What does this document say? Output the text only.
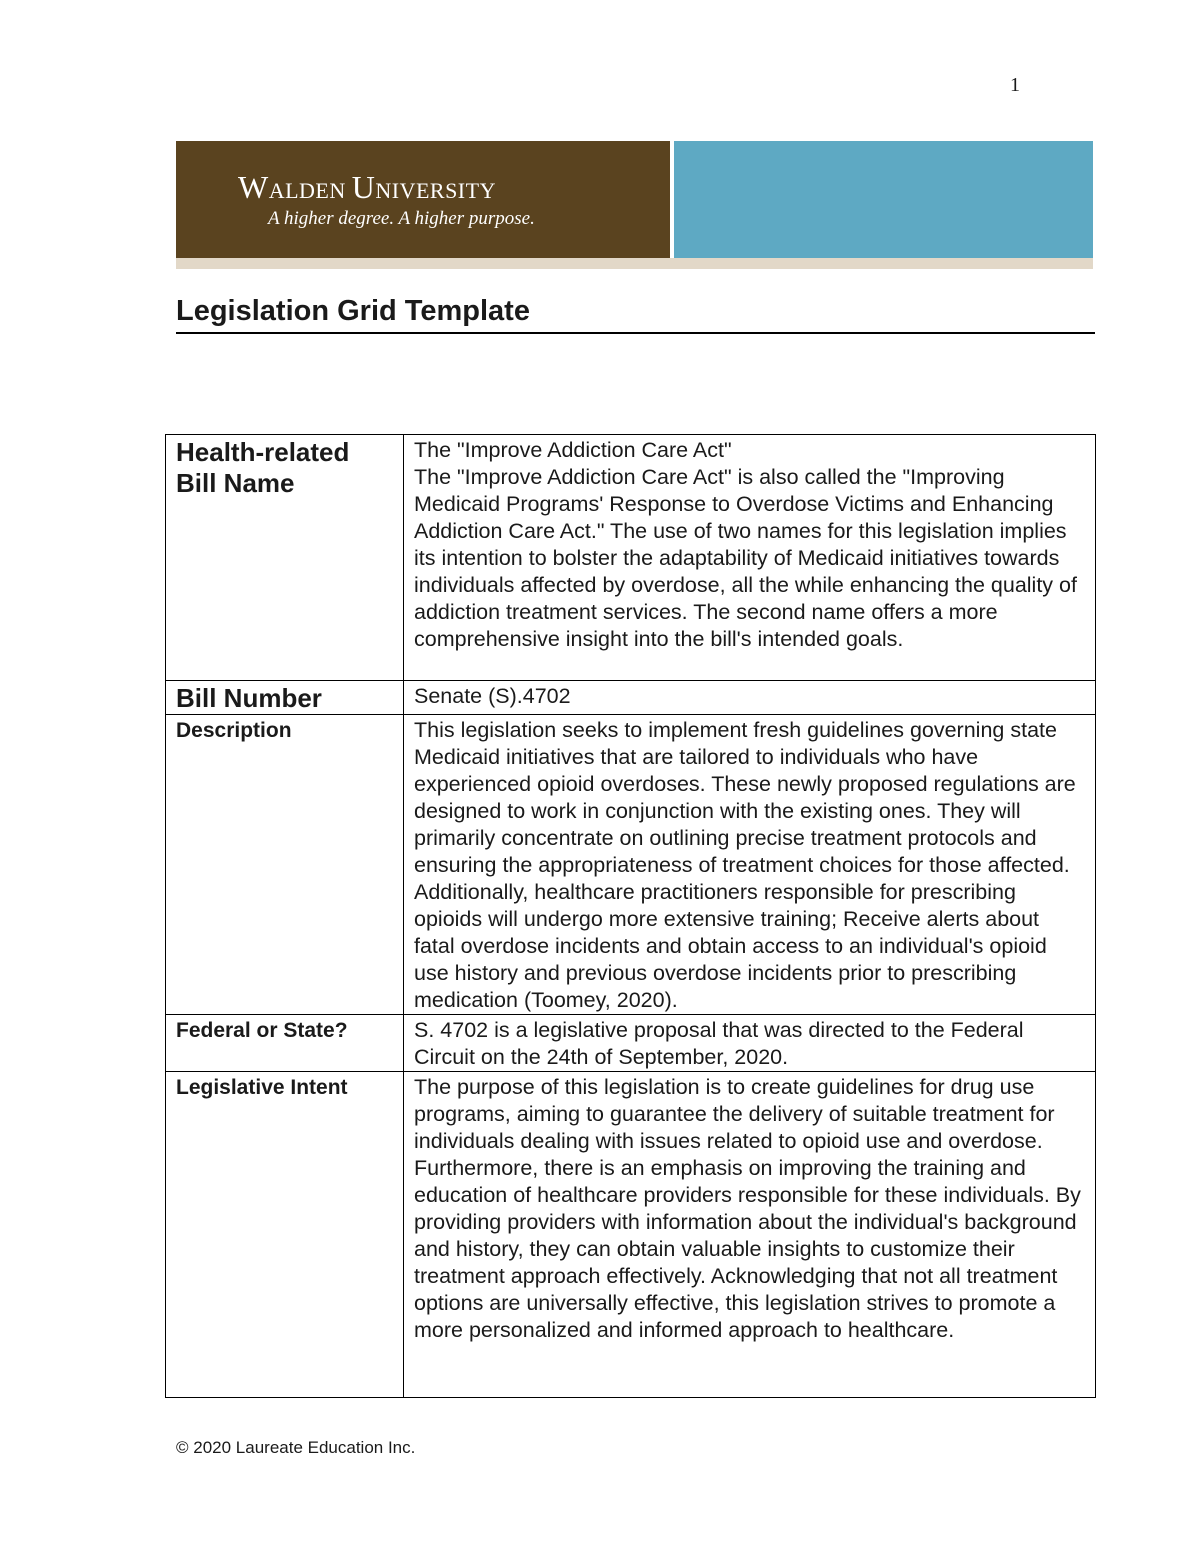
1
WALDEN UNIVERSITY
A higher degree. A higher purpose.
Legislation Grid Template
Health-related Bill Name	The "Improve Addiction Care Act"
The "Improve Addiction Care Act" is also called the "Improving Medicaid Programs' Response to Overdose Victims and Enhancing Addiction Care Act." The use of two names for this legislation implies its intention to bolster the adaptability of Medicaid initiatives towards individuals affected by overdose, all the while enhancing the quality of addiction treatment services. The second name offers a more comprehensive insight into the bill's intended goals.

Bill Number	Senate (S).4702
Description	This legislation seeks to implement fresh guidelines governing state Medicaid initiatives that are tailored to individuals who have experienced opioid overdoses. These newly proposed regulations are designed to work in conjunction with the existing ones. They will primarily concentrate on outlining precise treatment protocols and ensuring the appropriateness of treatment choices for those affected. Additionally, healthcare practitioners responsible for prescribing opioids will undergo more extensive training; Receive alerts about fatal overdose incidents and obtain access to an individual's opioid use history and previous overdose incidents prior to prescribing medication (Toomey, 2020).
Federal or State?	S. 4702 is a legislative proposal that was directed to the Federal Circuit on the 24th of September, 2020.
Legislative Intent	The purpose of this legislation is to create guidelines for drug use programs, aiming to guarantee the delivery of suitable treatment for individuals dealing with issues related to opioid use and overdose. Furthermore, there is an emphasis on improving the training and education of healthcare providers responsible for these individuals. By providing providers with information about the individual's background and history, they can obtain valuable insights to customize their treatment approach effectively. Acknowledging that not all treatment options are universally effective, this legislation strives to promote a more personalized and informed approach to healthcare.
© 2020 Laureate Education Inc.
